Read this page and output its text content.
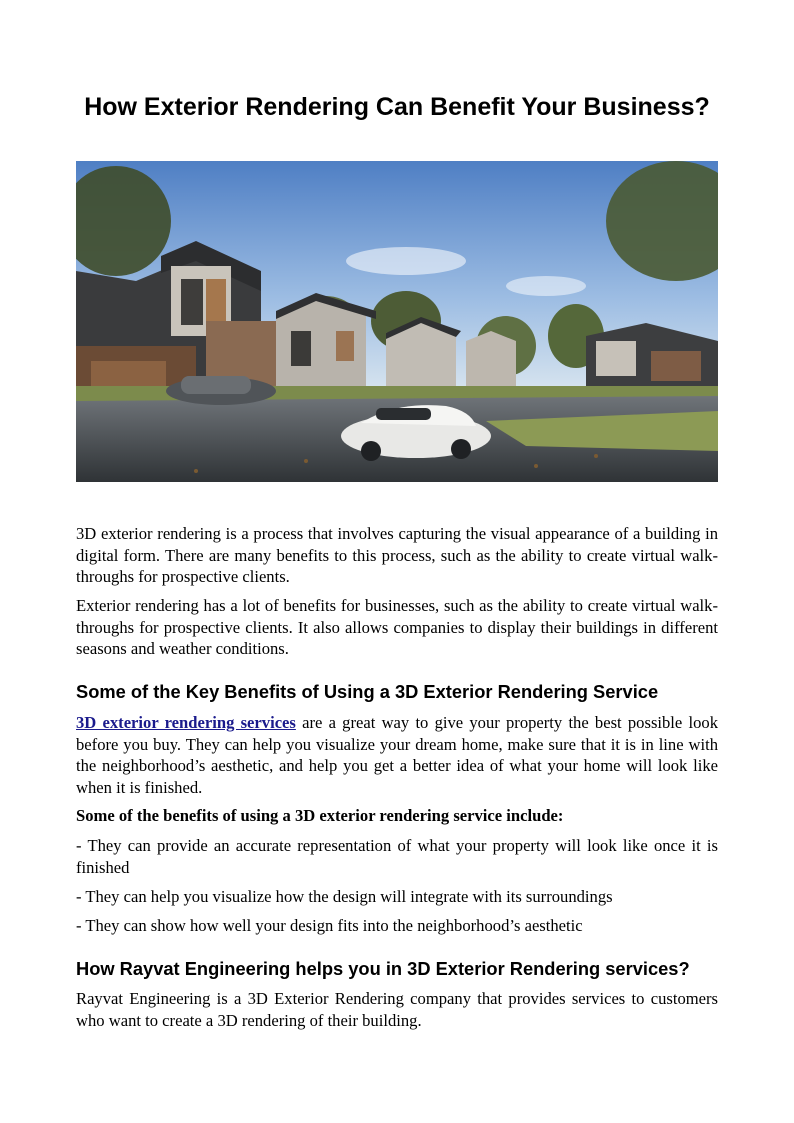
How Exterior Rendering Can Benefit Your Business?

3D exterior rendering is a process that involves capturing the visual appearance of a building in digital form. There are many benefits to this process, such as the ability to create virtual walk-throughs for prospective clients.

Exterior rendering has a lot of benefits for businesses, such as the ability to create virtual walk-throughs for prospective clients. It also allows companies to display their buildings in different seasons and weather conditions.

Some of the Key Benefits of Using a 3D Exterior Rendering Service

3D exterior rendering services are a great way to give your property the best possible look before you buy. They can help you visualize your dream home, make sure that it is in line with the neighborhood’s aesthetic, and help you get a better idea of what your home will look like when it is finished.

Some of the benefits of using a 3D exterior rendering service include:

- They can provide an accurate representation of what your property will look like once it is finished

- They can help you visualize how the design will integrate with its surroundings

- They can show how well your design fits into the neighborhood’s aesthetic

How Rayvat Engineering helps you in 3D Exterior Rendering services?

Rayvat Engineering is a 3D Exterior Rendering company that provides services to customers who want to create a 3D rendering of their building.
